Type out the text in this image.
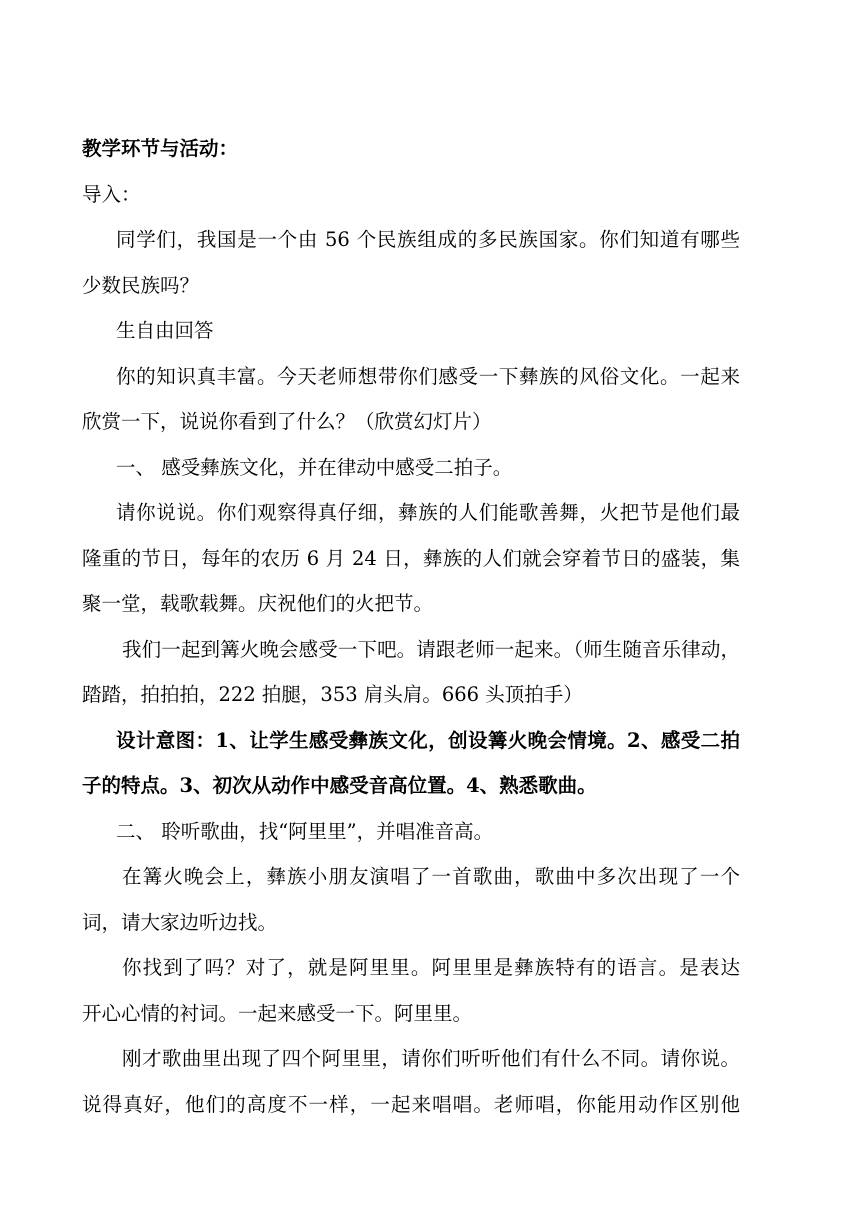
教学环节与活动：
导入：
同学们，我国是一个由 56 个民族组成的多民族国家。你们知道有哪些
少数民族吗？
生自由回答
你的知识真丰富。今天老师想带你们感受一下彝族的风俗文化。一起来
欣赏一下，说说你看到了什么？（欣赏幻灯片）
一、 感受彝族文化，并在律动中感受二拍子。
请你说说。你们观察得真仔细，彝族的人们能歌善舞，火把节是他们最
隆重的节日，每年的农历 6 月 24 日，彝族的人们就会穿着节日的盛装，集
聚一堂，载歌载舞。庆祝他们的火把节。
我们一起到篝火晚会感受一下吧。请跟老师一起来。（师生随音乐律动，
踏踏，拍拍拍，222 拍腿，353 肩头肩。666 头顶拍手）
设计意图：1、让学生感受彝族文化，创设篝火晚会情境。2、感受二拍
子的特点。3、初次从动作中感受音高位置。4、熟悉歌曲。
二、 聆听歌曲，找“阿里里”，并唱准音高。
在篝火晚会上，彝族小朋友演唱了一首歌曲，歌曲中多次出现了一个
词，请大家边听边找。
你找到了吗？对了，就是阿里里。阿里里是彝族特有的语言。是表达
开心心情的衬词。一起来感受一下。阿里里。
刚才歌曲里出现了四个阿里里，请你们听听他们有什么不同。请你说。
说得真好，他们的高度不一样，一起来唱唱。老师唱，你能用动作区别他
